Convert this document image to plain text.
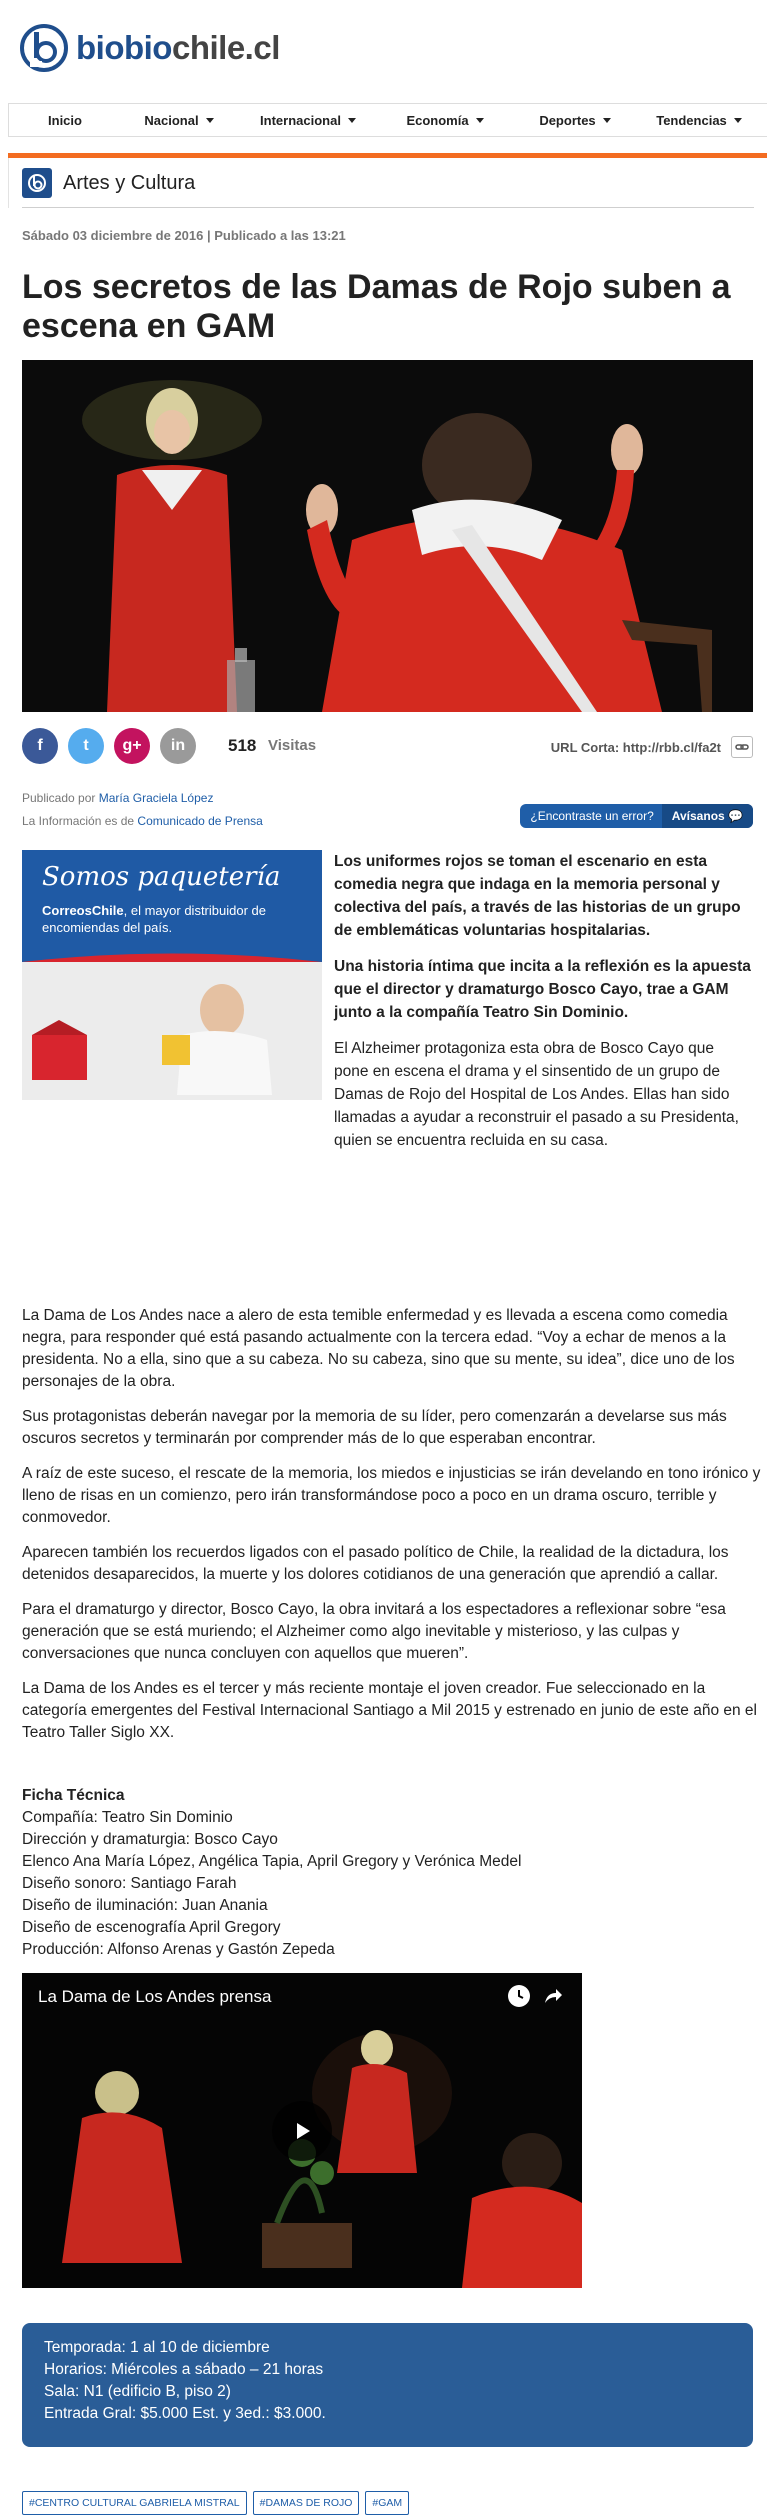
biobiochile.cl
Inicio	Nacional	Internacional	Economía	Deportes	Tendencias
Artes y Cultura
Sábado 03 diciembre de 2016 | Publicado a las 13:21
Los secretos de las Damas de Rojo suben a escena en GAM
f	t g+ in	518 Visitas	URL Corta: http://rbb.cl/fa2t
Publicado por María Graciela López
La Información es de Comunicado de Prensa	¿Encontraste un error?	Avísanos
💬
Somos paquetería
CorreosChile, el mayor distribuidor de encomiendas del país.

Los uniformes rojos se toman el escenario en esta comedia negra que indaga en la memoria personal y colectiva del país, a través de las historias de un grupo de emblemáticas voluntarias hospitalarias.

Una historia íntima que incita a la reflexión es la apuesta que el director y dramaturgo Bosco Cayo, trae a GAM junto a la compañía Teatro Sin Dominio.

El Alzheimer protagoniza esta obra de Bosco Cayo que pone en escena el drama y el sinsentido de un grupo de Damas de Rojo del Hospital de Los Andes. Ellas han sido llamadas a ayudar a reconstruir el pasado a su Presidenta, quien se encuentra recluida en su casa.

La Dama de Los Andes nace a alero de esta temible enfermedad y es llevada a escena como comedia negra, para responder qué está pasando actualmente con la tercera edad. “Voy a echar de menos a la presidenta. No a ella, sino que a su cabeza. No su cabeza, sino que su mente, su idea”, dice uno de los personajes de la obra.

Sus protagonistas deberán navegar por la memoria de su líder, pero comenzarán a develarse sus más oscuros secretos y terminarán por comprender más de lo que esperaban encontrar.

A raíz de este suceso, el rescate de la memoria, los miedos e injusticias se irán develando en tono irónico y lleno de risas en un comienzo, pero irán transformándose poco a poco en un drama oscuro, terrible y conmovedor.

Aparecen también los recuerdos ligados con el pasado político de Chile, la realidad de la dictadura, los detenidos desaparecidos, la muerte y los dolores cotidianos de una generación que aprendió a callar.

Para el dramaturgo y director, Bosco Cayo, la obra invitará a los espectadores a reflexionar sobre “esa generación que se está muriendo; el Alzheimer como algo inevitable y misterioso, y las culpas y conversaciones que nunca concluyen con aquellos que mueren”.

La Dama de los Andes es el tercer y más reciente montaje el joven creador. Fue seleccionado en la categoría emergentes del Festival Internacional Santiago a Mil 2015 y estrenado en junio de este año en el Teatro Taller Siglo XX.

Ficha Técnica
Compañía: Teatro Sin Dominio
Dirección y dramaturgia: Bosco Cayo
Elenco Ana María López, Angélica Tapia, April Gregory y Verónica Medel
Diseño sonoro: Santiago Farah
Diseño de iluminación: Juan Anania
Diseño de escenografía April Gregory
Producción: Alfonso Arenas y Gastón Zepeda
La Dama de Los Andes prensa
Temporada: 1 al 10 de diciembre
Horarios: Miércoles a sábado – 21 horas
Sala: N1 (edificio B, piso 2)
Entrada Gral: $5.000 Est. y 3ed.: $3.000.
#CENTRO CULTURAL GABRIELA MISTRAL	#DAMAS DE ROJO	#GAM
